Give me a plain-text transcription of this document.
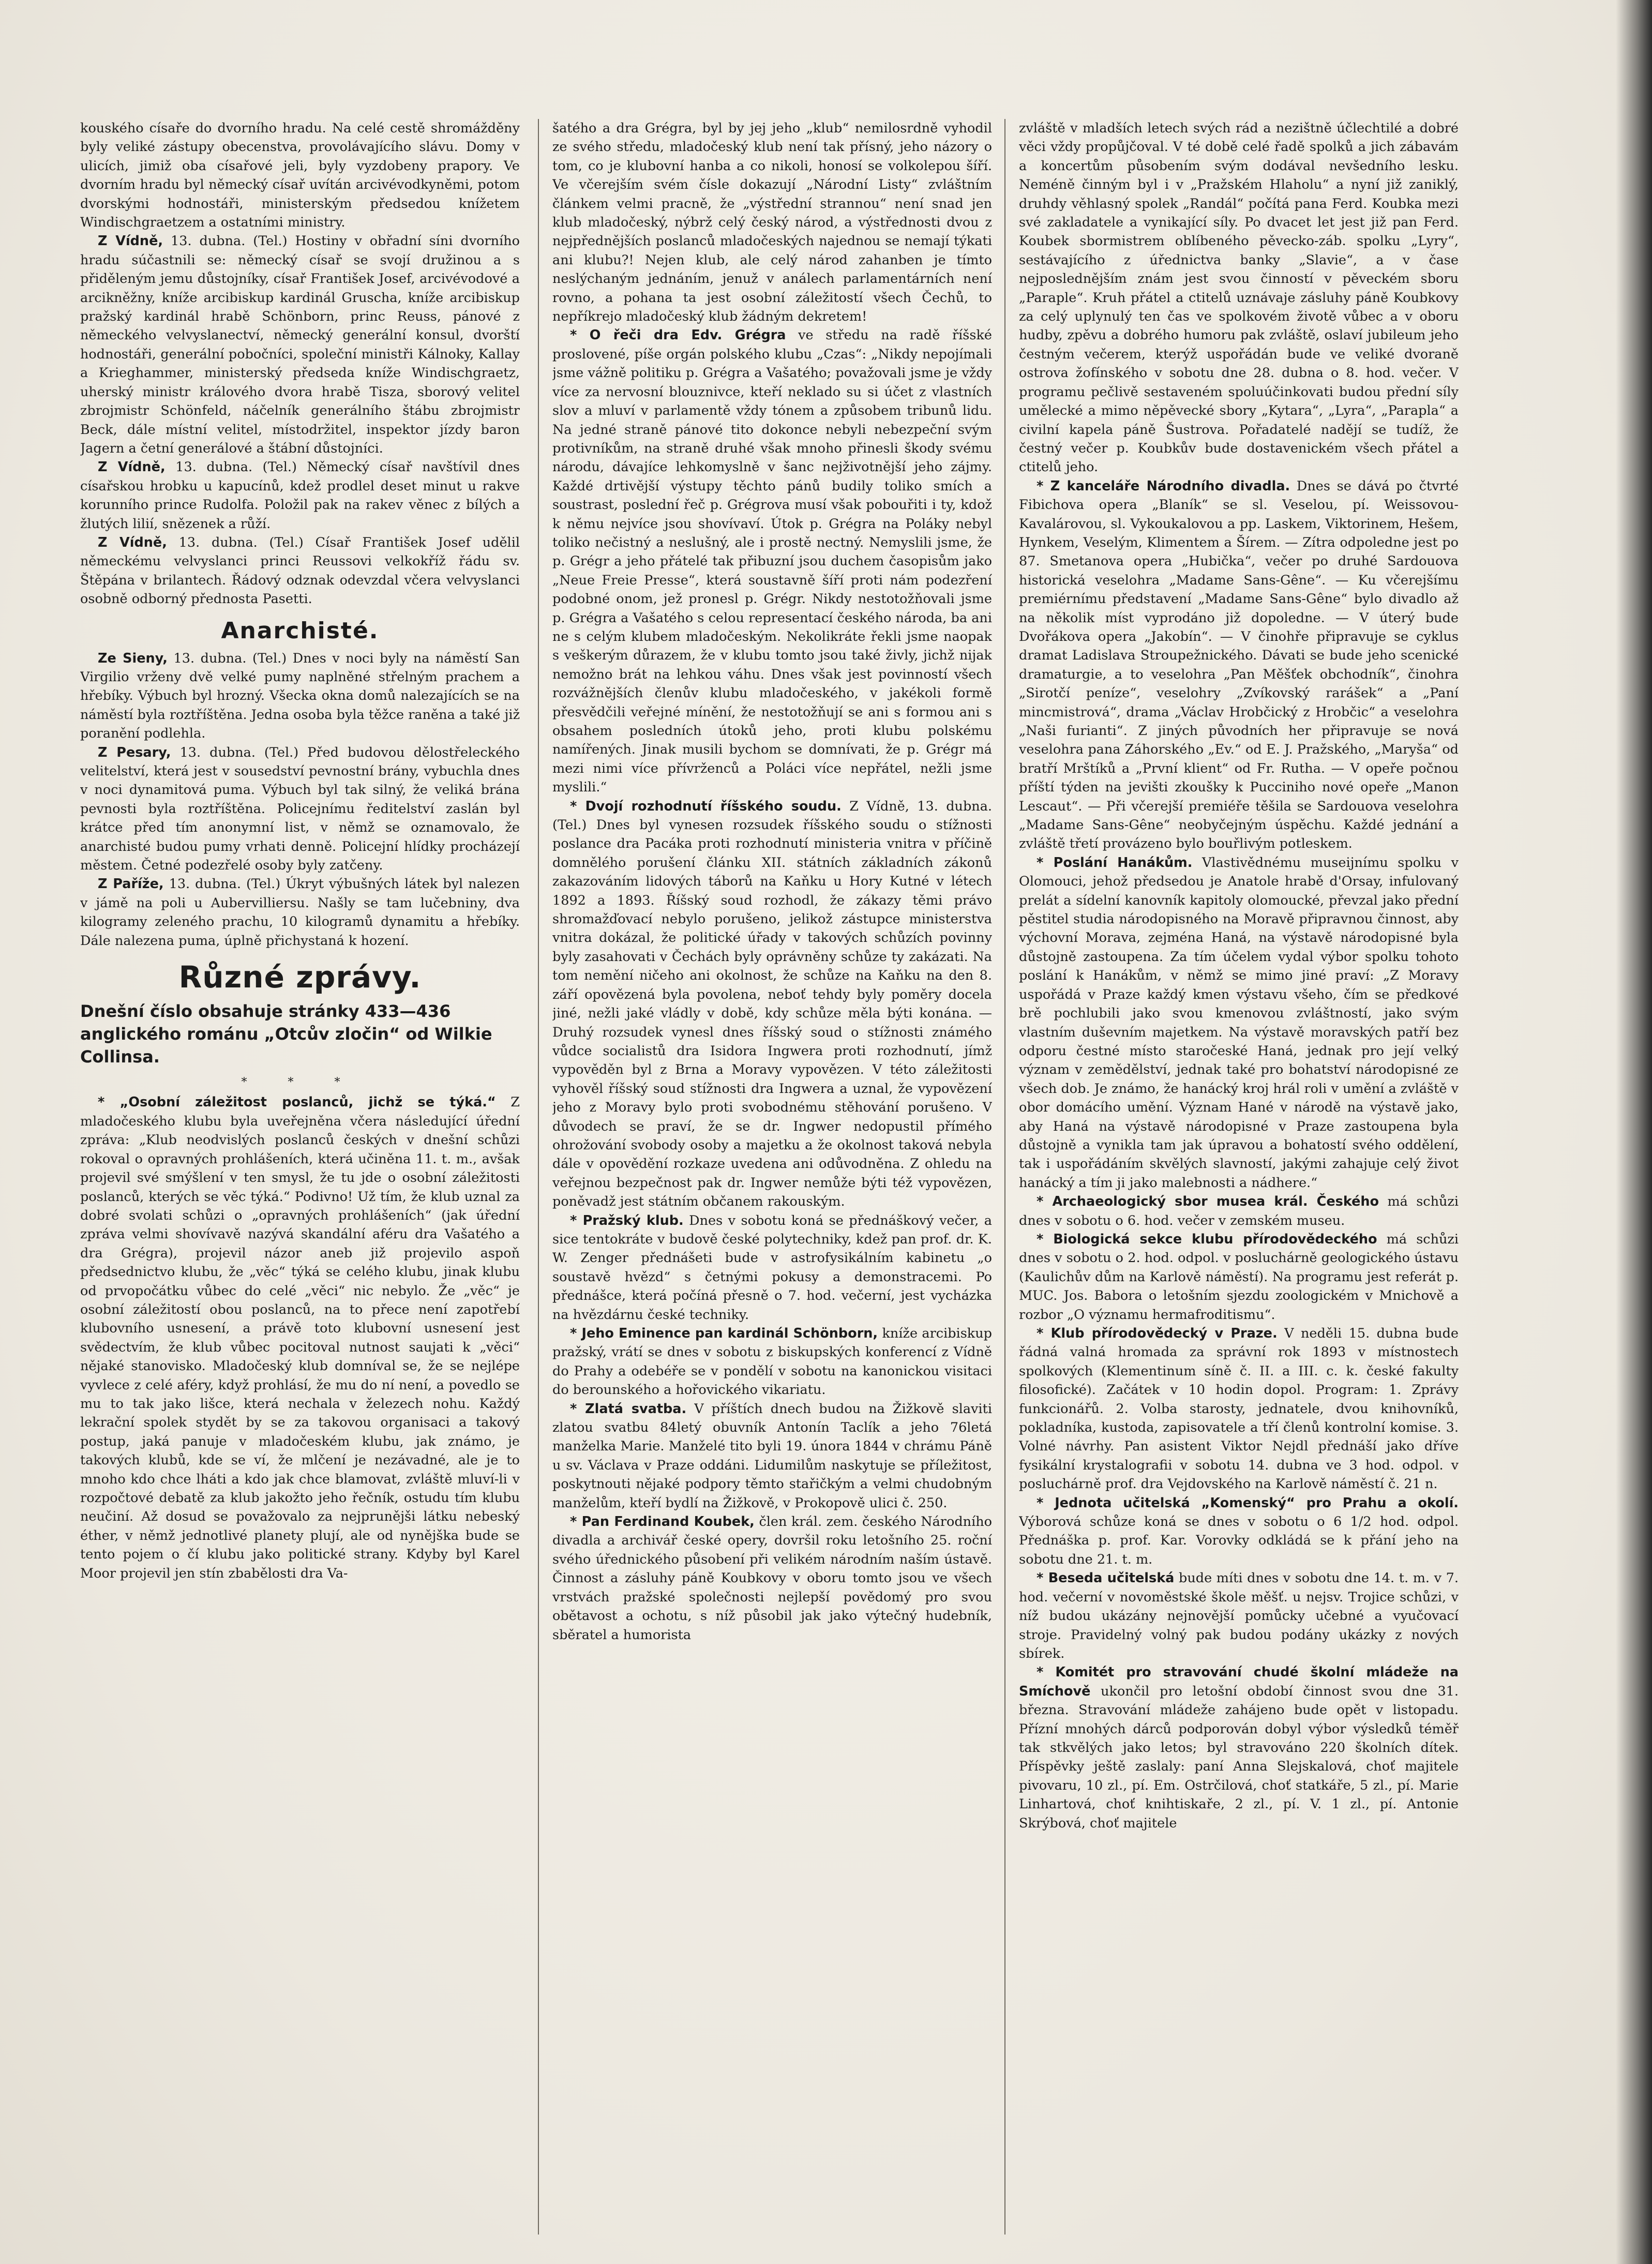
kouského císaře do dvorního hradu. Na celé cestě shromážděny byly veliké zástupy obecenstva, provolávajícího slávu. Domy v ulicích, jimiž oba císařové jeli, byly vyzdobeny prapory. Ve dvorním hradu byl německý císař uvítán arcivévodkyněmi, potom dvorskými hodnostáři, ministerským předsedou knížetem Windischgraetzem a ostatními ministry.

Z Vídně, 13. dubna. (Tel.) Hostiny v obřadní síni dvorního hradu súčastnili se: německý císař se svojí družinou a s přiděleným jemu důstojníky, císař František Josef, arcivévodové a arcikněžny, kníže arcibiskup kardinál Gruscha, kníže arcibiskup pražský kardinál hrabě Schönborn, princ Reuss, pánové z německého velvyslanectví, německý generální konsul, dvorští hodnostáři, generální pobočníci, společní ministři Kálnoky, Kallay a Krieghammer, ministerský předseda kníže Windischgraetz, uherský ministr králového dvora hrabě Tisza, sborový velitel zbrojmistr Schönfeld, náčelník generálního štábu zbrojmistr Beck, dále místní velitel, místodržitel, inspektor jízdy baron Jagern a četní generálové a štábní důstojníci.

Z Vídně, 13. dubna. (Tel.) Německý císař navštívil dnes císařskou hrobku u kapucínů, kdež prodlel deset minut u rakve korunního prince Rudolfa. Položil pak na rakev věnec z bílých a žlutých lilií, snězenek a růží.

Z Vídně, 13. dubna. (Tel.) Císař František Josef udělil německému velvyslanci princi Reussovi velkokříž řádu sv. Štěpána v brilantech. Řádový odznak odevzdal včera velvyslanci osobně odborný přednosta Pasetti.

Anarchisté.

Ze Sieny, 13. dubna. (Tel.) Dnes v noci byly na náměstí San Virgilio vrženy dvě velké pumy naplněné střelným prachem a hřebíky. Výbuch byl hrozný. Všecka okna domů nalezajících se na náměstí byla roztříštěna. Jedna osoba byla těžce raněna a také již poranění podlehla.

Z Pesary, 13. dubna. (Tel.) Před budovou dělostřeleckého velitelství, která jest v sousedství pevnostní brány, vybuchla dnes v noci dynamitová puma. Výbuch byl tak silný, že veliká brána pevnosti byla roztříštěna. Policejnímu ředitelství zaslán byl krátce před tím anonymní list, v němž se oznamovalo, že anarchisté budou pumy vrhati denně. Policejní hlídky procházejí městem. Četné podezřelé osoby byly zatčeny.

Z Paříže, 13. dubna. (Tel.) Úkryt výbušných látek byl nalezen v jámě na poli u Aubervilliersu. Našly se tam lučebniny, dva kilogramy zeleného prachu, 10 kilogramů dynamitu a hřebíky. Dále nalezena puma, úplně přichystaná k hození.

Různé zprávy.

Dnešní číslo obsahuje stránky 433—436 anglického románu „Otcův zločin“ od Wilkie Collinsa.

* * *

* „Osobní záležitost poslanců, jichž se týká.“ Z mladočeského klubu byla uveřejněna včera následující úřední zpráva: „Klub neodvislých poslanců českých v dnešní schůzi rokoval o opravných prohlášeních, která učiněna 11. t. m., avšak projevil své smýšlení v ten smysl, že tu jde o osobní záležitosti poslanců, kterých se věc týká.“ Podivno! Už tím, že klub uznal za dobré svolati schůzi o „opravných prohlášeních“ (jak úřední zpráva velmi shovívavě nazývá skandální aféru dra Vašatého a dra Grégra), projevil názor aneb již projevilo aspoň předsednictvo klubu, že „věc“ týká se celého klubu, jinak klubu od prvopočátku vůbec do celé „věci“ nic nebylo. Že „věc“ je osobní záležitostí obou poslanců, na to přece není zapotřebí klubovního usnesení, a právě toto klubovní usnesení jest svědectvím, že klub vůbec pocitoval nutnost saujati k „věci“ nějaké stanovisko. Mladočeský klub domníval se, že se nejlépe vyvlece z celé aféry, když prohlásí, že mu do ní není, a povedlo se mu to tak jako lišce, která nechala v železech nohu. Každý lekrační spolek stydět by se za takovou organisaci a takový postup, jaká panuje v mladočeském klubu, jak známo, je takových klubů, kde se ví, že mlčení je nezávadné, ale je to mnoho kdo chce lháti a kdo jak chce blamovat, zvláště mluví-li v rozpočtové debatě za klub jakožto jeho řečník, ostudu tím klubu neučiní. Až dosud se považovalo za nejprunějši látku nebeský éther, v němž jednotlivé planety plují, ale od nynějška bude se tento pojem o čí klubu jako politické strany. Kdyby byl Karel Moor projevil jen stín zbabělosti dra Va-

šatého a dra Grégra, byl by jej jeho „klub“ nemilosrdně vyhodil ze svého středu, mladočeský klub není tak přísný, jeho názory o tom, co je klubovní hanba a co nikoli, honosí se volkolepou šíří. Ve včerejším svém čísle dokazují „Národní Listy“ zvláštním článkem velmi pracně, že „výstřední strannou“ není snad jen klub mladočeský, nýbrž celý český národ, a výstřednosti dvou z nejpřednějších poslanců mladočeských najednou se nemají týkati ani klubu?! Nejen klub, ale celý národ zahanben je tímto neslýchaným jednáním, jenuž v análech parlamentárních není rovno, a pohana ta jest osobní záležitostí všech Čechů, to nepříkrejo mladočeský klub žádným dekretem!

* O řeči dra Edv. Grégra ve středu na radě říšské proslovené, píše orgán polského klubu „Czas“: „Nikdy nepojímali jsme vážně politiku p. Grégra a Vašatého; považovali jsme je vždy více za nervosní blouznivce, kteří neklado su si účet z vlastních slov a mluví v parlamentě vždy tónem a způsobem tribunů lidu. Na jedné straně pánové tito dokonce nebyli nebezpeční svým protivníkům, na straně druhé však mnoho přinesli škody svému národu, dávajíce lehkomyslně v šanc nejživotnější jeho zájmy. Každé drtivější výstupy těchto pánů budily toliko smích a soustrast, poslední řeč p. Grégrova musí však pobouřiti i ty, kdož k němu nejvíce jsou shovívaví. Útok p. Grégra na Poláky nebyl toliko nečistný a neslušný, ale i prostě nectný. Nemyslili jsme, že p. Grégr a jeho přátelé tak přibuzní jsou duchem časopisům jako „Neue Freie Presse“, která soustavně šíří proti nám podezření podobné onom, jež pronesl p. Grégr. Nikdy nestotožňovali jsme p. Grégra a Vašatého s celou representací českého národa, ba ani ne s celým klubem mladočeským. Nekolikráte řekli jsme naopak s veškerým důrazem, že v klubu tomto jsou také živly, jichž nijak nemožno brát na lehkou váhu. Dnes však jest povinností všech rozvážnějších členův klubu mladočeského, v jakékoli formě přesvědčili veřejné mínění, že nestotožňují se ani s formou ani s obsahem posledních útoků jeho, proti klubu polskému namířených. Jinak musili bychom se domnívati, že p. Grégr má mezi nimi více přívrženců a Poláci více nepřátel, nežli jsme myslili.“

* Dvojí rozhodnutí říšského soudu. Z Vídně, 13. dubna. (Tel.) Dnes byl vynesen rozsudek říšského soudu o stížnosti poslance dra Pacáka proti rozhodnutí ministeria vnitra v příčině domnělého porušení článku XII. státních základních zákonů zakazováním lidových táborů na Kaňku u Hory Kutné v létech 1892 a 1893. Říšský soud rozhodl, že zákazy těmi právo shromažďovací nebylo porušeno, jelikož zástupce ministerstva vnitra dokázal, že politické úřady v takových schůzích povinny byly zasahovati v Čechách byly oprávněny schůze ty zakázati. Na tom nemění ničeho ani okolnost, že schůze na Kaňku na den 8. září opovězená byla povolena, neboť tehdy byly poměry docela jiné, nežli jaké vládly v době, kdy schůze měla býti konána. — Druhý rozsudek vynesl dnes říšský soud o stížnosti známého vůdce socialistů dra Isidora Ingwera proti rozhodnutí, jímž vypověděn byl z Brna a Moravy vypovězen. V této záležitosti vyhověl říšský soud stížnosti dra Ingwera a uznal, že vypovězení jeho z Moravy bylo proti svobodnému stěhování porušeno. V důvodech se praví, že se dr. Ingwer nedopustil přímého ohrožování svobody osoby a majetku a že okolnost taková nebyla dále v opovědění rozkaze uvedena ani odůvodněna. Z ohledu na veřejnou bezpečnost pak dr. Ingwer nemůže býti též vypovězen, poněvadž jest státním občanem rakouským.

* Pražský klub. Dnes v sobotu koná se přednáškový večer, a sice tentokráte v budově české polytechniky, kdež pan prof. dr. K. W. Zenger přednášeti bude v astrofysikálním kabinetu „o soustavě hvězd“ s četnými pokusy a demonstracemi. Po přednášce, která počíná přesně o 7. hod. večerní, jest vycházka na hvězdárnu české techniky.

* Jeho Eminence pan kardinál Schönborn, kníže arcibiskup pražský, vrátí se dnes v sobotu z biskupských konferencí z Vídně do Prahy a odebéře se v pondělí v sobotu na kanonickou visitaci do berounského a hořovického vikariatu.

* Zlatá svatba. V příštích dnech budou na Žižkově slaviti zlatou svatbu 84letý obuvník Antonín Taclík a jeho 76letá manželka Marie. Manželé tito byli 19. února 1844 v chrámu Páně u sv. Václava v Praze oddáni. Lidumilům naskytuje se příležitost, poskytnouti nějaké podpory těmto stařičkým a velmi chudobným manželům, kteří bydlí na Žižkově, v Prokopově ulici č. 250.

* Pan Ferdinand Koubek, člen král. zem. českého Národního divadla a archivář české opery, dovršil roku letošního 25. roční svého úřednického působení při velikém národním naším ústavě. Činnost a zásluhy páně Koubkovy v oboru tomto jsou ve všech vrstvách pražské společnosti nejlepší povědomý pro svou obětavost a ochotu, s níž působil jak jako výtečný hudebník, sběratel a humorista

zvláště v mladších letech svých rád a nezištně účlechtilé a dobré věci vždy propůjčoval. V té době celé řadě spolků a jich zábavám a koncertům působením svým dodával nevšedního lesku. Neméně činným byl i v „Pražském Hlaholu“ a nyní již zaniklý, druhdy věhlasný spolek „Randál“ počítá pana Ferd. Koubka mezi své zakladatele a vynikající síly. Po dvacet let jest již pan Ferd. Koubek sbormistrem oblíbeného pěvecko-záb. spolku „Lyry“, sestávajícího z úřednictva banky „Slavie“, a v čase nejposlednějším znám jest svou činností v pěveckém sboru „Paraple“. Kruh přátel a ctitelů uznávaje zásluhy páně Koubkovy za celý uplynulý ten čas ve spolkovém životě vůbec a v oboru hudby, zpěvu a dobrého humoru pak zvláště, oslaví jubileum jeho čestným večerem, kterýž uspořádán bude ve veliké dvoraně ostrova žofínského v sobotu dne 28. dubna o 8. hod. večer. V programu pečlivě sestaveném spoluúčinkovati budou přední síly umělecké a mimo něpěvecké sbory „Kytara“, „Lyra“, „Parapla“ a civilní kapela páně Šustrova. Pořadatelé nadějí se tudíž, že čestný večer p. Koubkův bude dostavenickém všech přátel a ctitelů jeho.

* Z kanceláře Národního divadla. Dnes se dává po čtvrté Fibichova opera „Blaník“ se sl. Veselou, pí. Weissovou-Kavalárovou, sl. Vykoukalovou a pp. Laskem, Viktorinem, Hešem, Hynkem, Veselým, Klimentem a Šírem. — Zítra odpoledne jest po 87. Smetanova opera „Hubička“, večer po druhé Sardouova historická veselohra „Madame Sans-Gêne“. — Ku včerejšímu premiérnímu představení „Madame Sans-Gêne“ bylo divadlo až na několik míst vyprodáno již dopoledne. — V úterý bude Dvořákova opera „Jakobín“. — V činohře připravuje se cyklus dramat Ladislava Stroupežnického. Dávati se bude jeho scenické dramaturgie, a to veselohra „Pan Měšťek obchodník“, činohra „Sirotčí peníze“, veselohry „Zvíkovský rarášek“ a „Paní mincmistrová“, drama „Václav Hrobčický z Hrobčic“ a veselohra „Naši furianti“. Z jiných původních her připravuje se nová veselohra pana Záhorského „Ev.“ od E. J. Pražského, „Maryša“ od bratří Mrštíků a „První klient“ od Fr. Rutha. — V opeře počnou příští týden na jevišti zkoušky k Pucciniho nové opeře „Manon Lescaut“. — Při včerejší premiéře těšila se Sardouova veselohra „Madame Sans-Gêne“ neobyčejným úspěchu. Každé jednání a zvláště třetí provázeno bylo bouřlivým potleskem.

* Poslání Hanákům. Vlastivědnému museijnímu spolku v Olomouci, jehož předsedou je Anatole hrabě d'Orsay, infulovaný prelát a sídelní kanovník kapitoly olomoucké, převzal jako přední pěstitel studia národopisného na Moravě připravnou činnost, aby výchovní Morava, zejména Haná, na výstavě národopisné byla důstojně zastoupena. Za tím účelem vydal výbor spolku tohoto poslání k Hanákům, v němž se mimo jiné praví: „Z Moravy uspořádá v Praze každý kmen výstavu všeho, čím se předkové brě pochlubili jako svou kmenovou zvláštností, jako svým vlastním duševním majetkem. Na výstavě moravských patří bez odporu čestné místo staročeské Haná, jednak pro její velký význam v zemědělství, jednak také pro bohatství národopisné ze všech dob. Je známo, že hanácký kroj hrál roli v umění a zvláště v obor domácího umění. Význam Hané v národě na výstavě jako, aby Haná na výstavě národopisné v Praze zastoupena byla důstojně a vynikla tam jak úpravou a bohatostí svého oddělení, tak i uspořádáním skvělých slavností, jakými zahajuje celý život hanácký a tím ji jako malebnosti a nádhere.“

* Archaeologický sbor musea král. Českého má schůzi dnes v sobotu o 6. hod. večer v zemském museu.

* Biologická sekce klubu přírodovědeckého má schůzi dnes v sobotu o 2. hod. odpol. v posluchárně geologického ústavu (Kaulichův dům na Karlově náměstí). Na programu jest referát p. MUC. Jos. Babora o letošním sjezdu zoologickém v Mnichově a rozbor „O významu hermafroditismu“.

* Klub přírodovědecký v Praze. V neděli 15. dubna bude řádná valná hromada za správní rok 1893 v místnostech spolkových (Klementinum síně č. II. a III. c. k. české fakulty filosofické). Začátek v 10 hodin dopol. Program: 1. Zprávy funkcionářů. 2. Volba starosty, jednatele, dvou knihovníků, pokladníka, kustoda, zapisovatele a tří členů kontrolní komise. 3. Volné návrhy. Pan asistent Viktor Nejdl přednáší jako dříve fysikální krystalografii v sobotu 14. dubna ve 3 hod. odpol. v posluchárně prof. dra Vejdovského na Karlově náměstí č. 21 n.

* Jednota učitelská „Komenský“ pro Prahu a okolí. Výborová schůze koná se dnes v sobotu o 6 1/2 hod. odpol. Přednáška p. prof. Kar. Vorovky odkládá se k přání jeho na sobotu dne 21. t. m.

* Beseda učitelská bude míti dnes v sobotu dne 14. t. m. v 7. hod. večerní v novoměstské škole měšť. u nejsv. Trojice schůzi, v níž budou ukázány nejnovější pomůcky učebné a vyučovací stroje. Pravidelný volný pak budou podány ukázky z nových sbírek.

* Komitét pro stravování chudé školní mládeže na Smíchově ukončil pro letošní období činnost svou dne 31. března. Stravování mládeže zahájeno bude opět v listopadu. Přízní mnohých dárců podporován dobyl výbor výsledků téměř tak stkvělých jako letos; byl stravováno 220 školních dítek. Příspěvky ještě zaslaly: paní Anna Slejskalová, choť majitele pivovaru, 10 zl., pí. Em. Ostrčilová, choť statkáře, 5 zl., pí. Marie Linhartová, choť knihtiskaře, 2 zl., pí. V. 1 zl., pí. Antonie Skrýbová, choť majitele
